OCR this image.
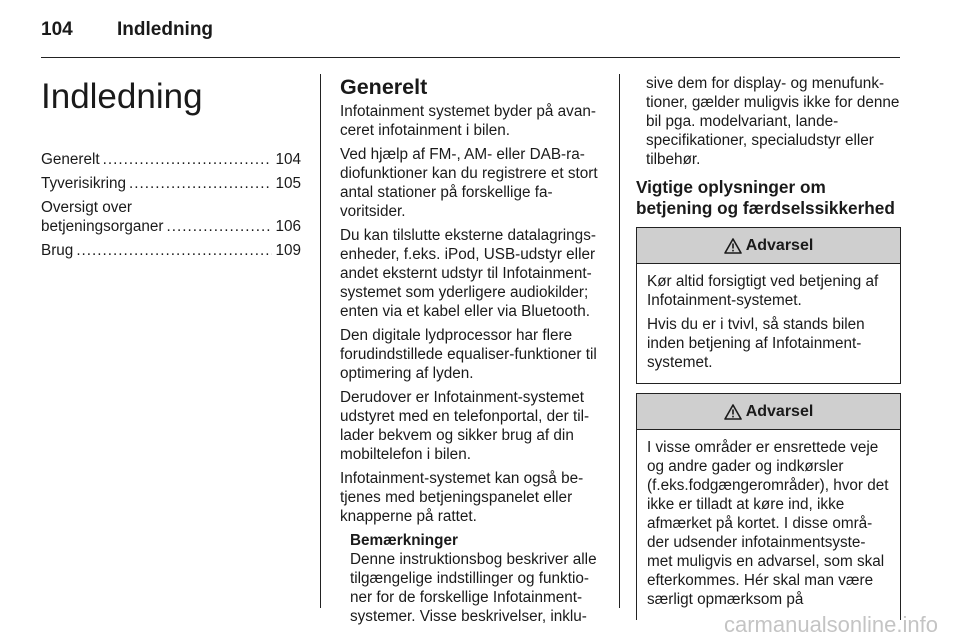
104 Indledning
Indledning
Generelt .....	104
Tyverisikring .....	105
Oversigt over
betjeningsorganer .....	106
Brug .....	109
Generelt

Infotainment systemet byder på avan-ceret infotainment i bilen.

Ved hjælp af FM-, AM- eller DAB-ra-diofunktioner kan du registrere et stort antal stationer på forskellige fa-voritsider.

Du kan tilslutte eksterne datalagrings-enheder, f.eks. iPod, USB-udstyr eller andet eksternt udstyr til Infotainment-systemet som yderligere audiokilder; enten via et kabel eller via Bluetooth.

Den digitale lydprocessor har flere forudindstillede equaliser-funktioner til optimering af lyden.

Derudover er Infotainment-systemet udstyret med en telefonportal, der til-lader bekvem og sikker brug af din mobiltelefon i bilen.

Infotainment-systemet kan også be-tjenes med betjeningspanelet eller knapperne på rattet.

Bemærkninger
Denne instruktionsbog beskriver alle tilgængelige indstillinger og funktio-ner for de forskellige Infotainment-systemer. Visse beskrivelser, inklu-

sive dem for display- og menufunk-tioner, gælder muligvis ikke for denne bil pga. modelvariant, lande-specifikationer, specialudstyr eller tilbehør.

Vigtige oplysninger om betjening og færdselssikkerhed
Advarsel

Kør altid forsigtigt ved betjening af Infotainment-systemet.

Hvis du er i tvivl, så stands bilen inden betjening af Infotainment-systemet.

Advarsel

I visse områder er ensrettede veje og andre gader og indkørsler (f.eks.fodgængerområder), hvor det ikke er tilladt at køre ind, ikke afmærket på kortet. I disse områ-der udsender infotainmentsyste-met muligvis en advarsel, som skal efterkommes. Hér skal man være særligt opmærksom på

carmanualsonline.info
